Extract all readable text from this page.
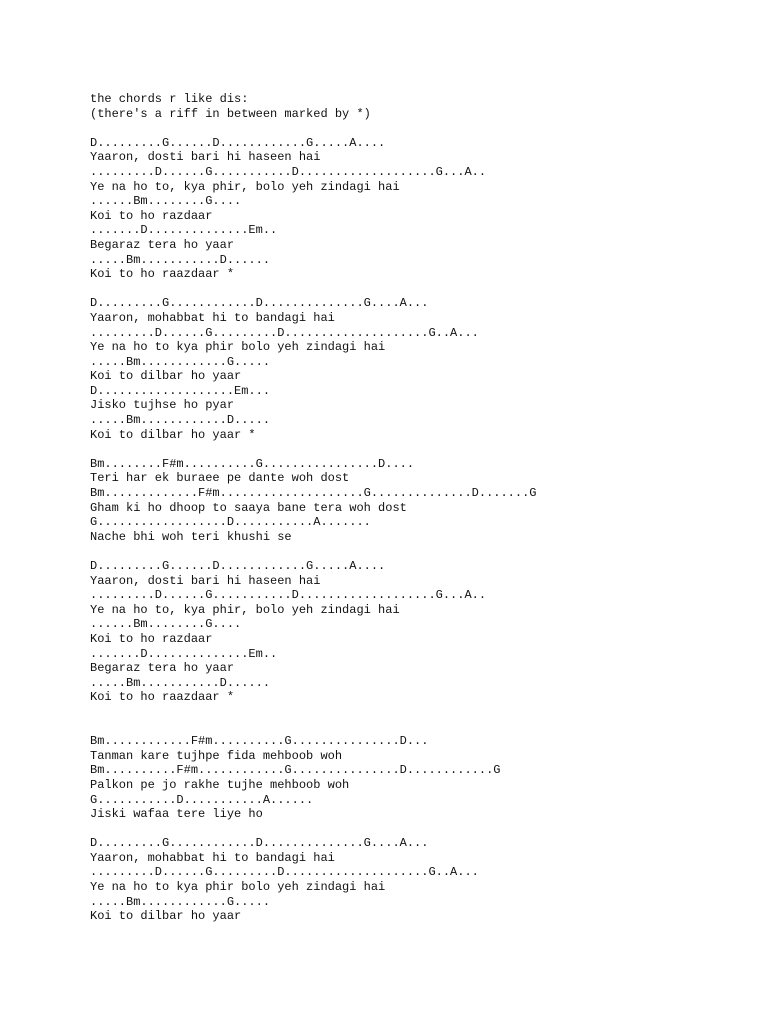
the chords r like dis:
(there's a riff in between marked by *)
D.........G......D............G.....A....
Yaaron, dosti bari hi haseen hai
.........D......G...........D...................G...A..
Ye na ho to, kya phir, bolo yeh zindagi hai
......Bm........G....
Koi to ho razdaar
.......D..............Em..
Begaraz tera ho yaar
.....Bm...........D......
Koi to ho raazdaar *
D.........G............D..............G....A...
Yaaron, mohabbat hi to bandagi hai
.........D......G.........D....................G..A...
Ye na ho to kya phir bolo yeh zindagi hai
.....Bm............G.....
Koi to dilbar ho yaar
D...................Em...
Jisko tujhse ho pyar
.....Bm............D.....
Koi to dilbar ho yaar *
Bm........F#m..........G................D....
Teri har ek buraee pe dante woh dost
Bm.............F#m....................G..............D.......G
Gham ki ho dhoop to saaya bane tera woh dost
G..................D...........A.......
Nache bhi woh teri khushi se
D.........G......D............G.....A....
Yaaron, dosti bari hi haseen hai
.........D......G...........D...................G...A..
Ye na ho to, kya phir, bolo yeh zindagi hai
......Bm........G....
Koi to ho razdaar
.......D..............Em..
Begaraz tera ho yaar
.....Bm...........D......
Koi to ho raazdaar *
Bm............F#m..........G...............D...
Tanman kare tujhpe fida mehboob woh
Bm..........F#m............G...............D............G
Palkon pe jo rakhe tujhe mehboob woh
G...........D...........A......
Jiski wafaa tere liye ho
D.........G............D..............G....A...
Yaaron, mohabbat hi to bandagi hai
.........D......G.........D....................G..A...
Ye na ho to kya phir bolo yeh zindagi hai
.....Bm............G.....
Koi to dilbar ho yaar
